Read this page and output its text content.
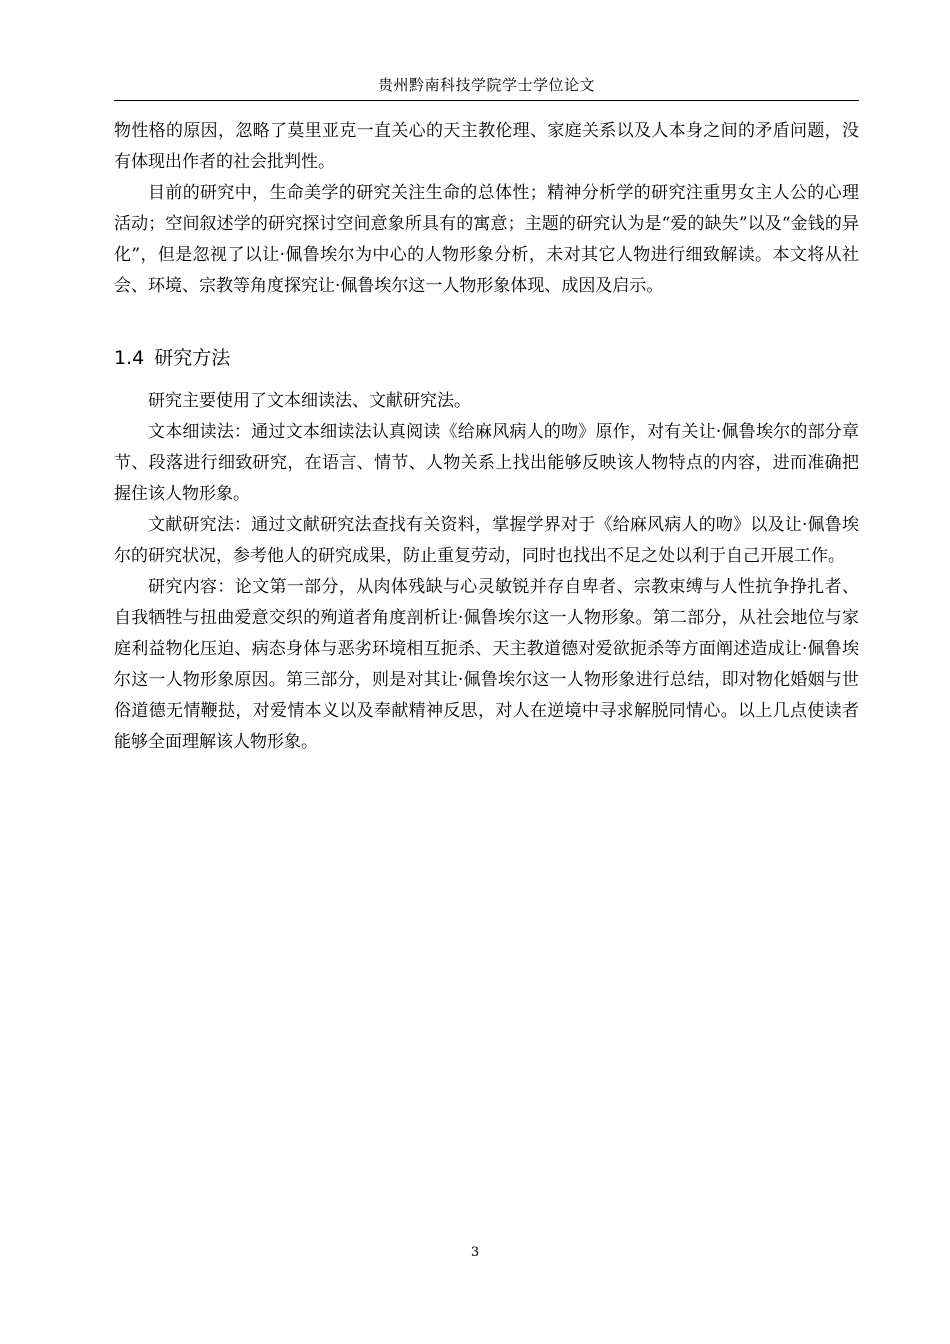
贵州黔南科技学院学士学位论文

物性格的原因，忽略了莫里亚克一直关心的天主教伦理、家庭关系以及人本身之间的矛盾问题，没有体现出作者的社会批判性。

目前的研究中，生命美学的研究关注生命的总体性；精神分析学的研究注重男女主人公的心理活动；空间叙述学的研究探讨空间意象所具有的寓意；主题的研究认为是“爱的缺失”以及“金钱的异化”，但是忽视了以让·佩鲁埃尔为中心的人物形象分析，未对其它人物进行细致解读。本文将从社会、环境、宗教等角度探究让·佩鲁埃尔这一人物形象体现、成因及启示。

1.4 研究方法

研究主要使用了文本细读法、文献研究法。

文本细读法：通过文本细读法认真阅读《给麻风病人的吻》原作，对有关让·佩鲁埃尔的部分章节、段落进行细致研究，在语言、情节、人物关系上找出能够反映该人物特点的内容，进而准确把握住该人物形象。

文献研究法：通过文献研究法查找有关资料，掌握学界对于《给麻风病人的吻》以及让·佩鲁埃尔的研究状况，参考他人的研究成果，防止重复劳动，同时也找出不足之处以利于自己开展工作。

研究内容：论文第一部分，从肉体残缺与心灵敏锐并存自卑者、宗教束缚与人性抗争挣扎者、自我牺牲与扭曲爱意交织的殉道者角度剖析让·佩鲁埃尔这一人物形象。第二部分，从社会地位与家庭利益物化压迫、病态身体与恶劣环境相互扼杀、天主教道德对爱欲扼杀等方面阐述造成让·佩鲁埃尔这一人物形象原因。第三部分，则是对其让·佩鲁埃尔这一人物形象进行总结，即对物化婚姻与世俗道德无情鞭挞，对爱情本义以及奉献精神反思，对人在逆境中寻求解脱同情心。以上几点使读者能够全面理解该人物形象。

3
